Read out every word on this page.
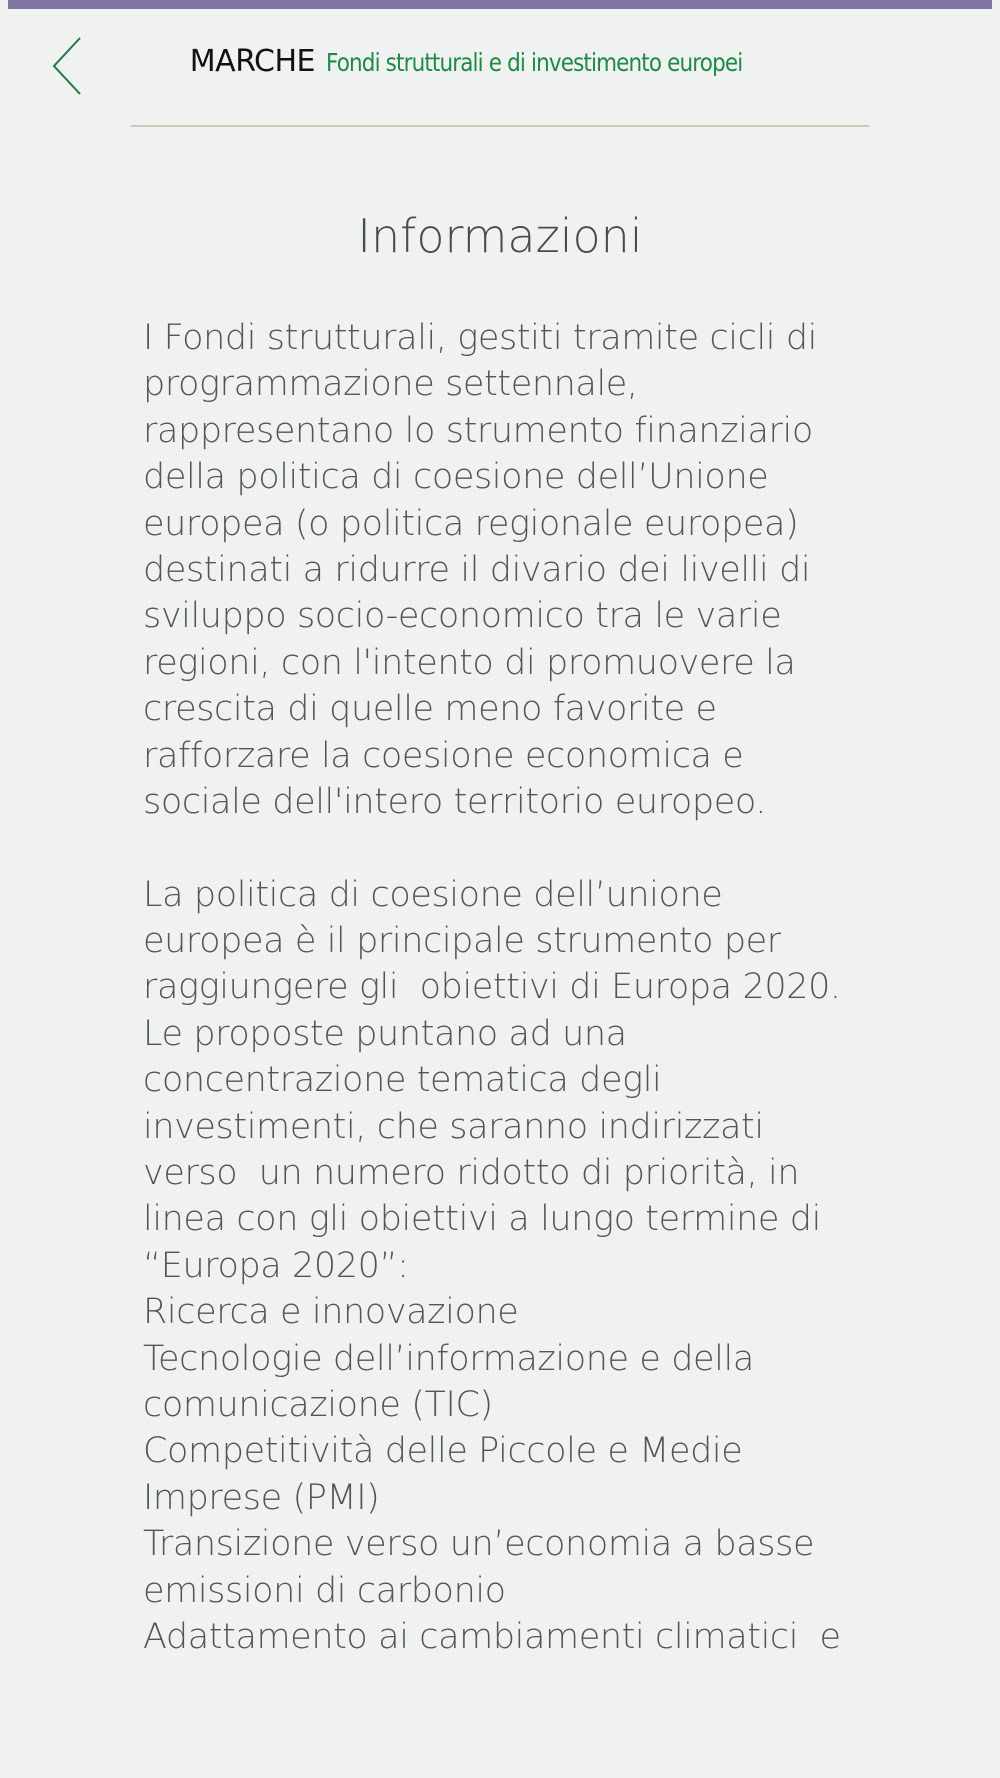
MARCHE Fondi strutturali e di investimento europei
Informazioni
I Fondi strutturali, gestiti tramite cicli di
programmazione settennale,
rappresentano lo strumento finanziario
della politica di coesione dell’Unione
europea (o politica regionale europea)
destinati a ridurre il divario dei livelli di
sviluppo socio-economico tra le varie
regioni, con l'intento di promuovere la
crescita di quelle meno favorite e
rafforzare la coesione economica e
sociale dell'intero territorio europeo.
La politica di coesione dell’unione
europea è il principale strumento per
raggiungere gli  obiettivi di Europa 2020.
Le proposte puntano ad una
concentrazione tematica degli
investimenti, che saranno indirizzati
verso  un numero ridotto di priorità, in
linea con gli obiettivi a lungo termine di
“Europa 2020”:
Ricerca e innovazione
Tecnologie dell’informazione e della
comunicazione (TIC)
Competitività delle Piccole e Medie
Imprese (PMI)
Transizione verso un’economia a basse
emissioni di carbonio
Adattamento ai cambiamenti climatici  e
